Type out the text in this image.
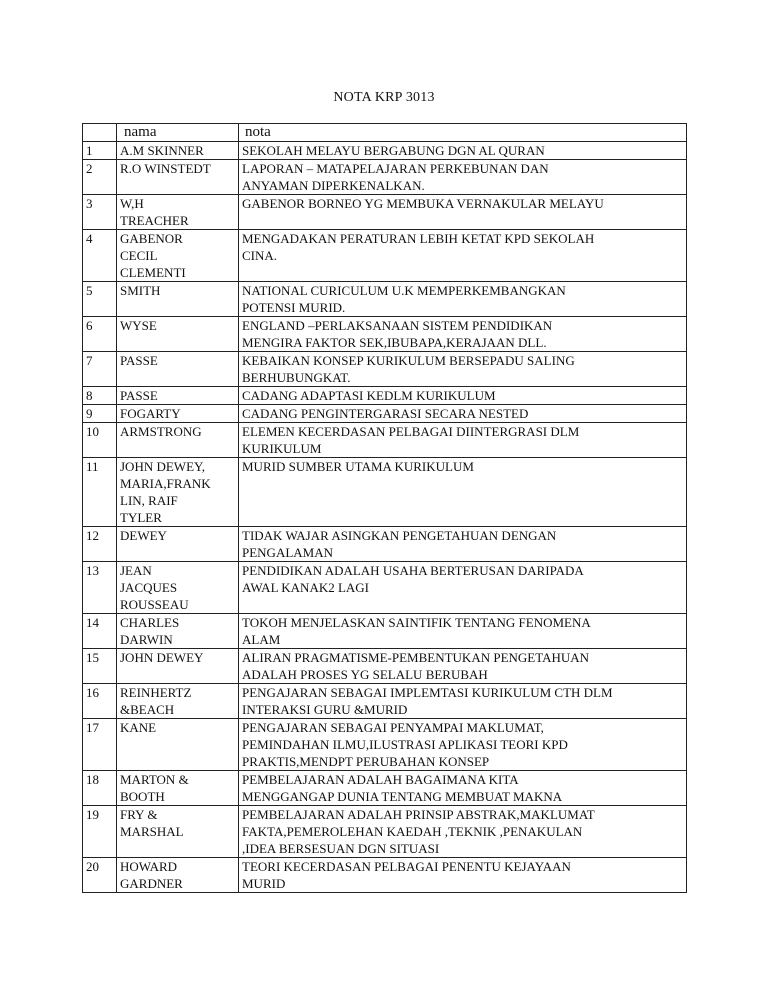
NOTA KRP 3013
	nama	nota
1	A.M SKINNER	SEKOLAH MELAYU BERGABUNG DGN AL QURAN
2	R.O WINSTEDT	LAPORAN – MATAPELAJARAN PERKEBUNAN DAN
ANYAMAN DIPERKENALKAN.
3	W,H
TREACHER	GABENOR BORNEO YG MEMBUKA VERNAKULAR MELAYU
4	GABENOR
CECIL
CLEMENTI	MENGADAKAN PERATURAN LEBIH KETAT KPD SEKOLAH
CINA.
5	SMITH	NATIONAL CURICULUM U.K MEMPERKEMBANGKAN
POTENSI MURID.
6	WYSE	ENGLAND –PERLAKSANAAN SISTEM PENDIDIKAN
MENGIRA FAKTOR SEK,IBUBAPA,KERAJAAN DLL.
7	PASSE	KEBAIKAN KONSEP KURIKULUM BERSEPADU SALING
BERHUBUNGKAT.
8	PASSE	CADANG ADAPTASI KEDLM KURIKULUM
9	FOGARTY	CADANG PENGINTERGARASI SECARA NESTED
10	ARMSTRONG	ELEMEN KECERDASAN PELBAGAI DIINTERGRASI DLM
KURIKULUM
11	JOHN DEWEY,
MARIA,FRANK
LIN, RAIF
TYLER	MURID SUMBER UTAMA KURIKULUM
12	DEWEY	TIDAK WAJAR ASINGKAN PENGETAHUAN DENGAN
PENGALAMAN
13	JEAN
JACQUES
ROUSSEAU	PENDIDIKAN ADALAH USAHA BERTERUSAN DARIPADA
AWAL KANAK2 LAGI
14	CHARLES
DARWIN	TOKOH MENJELASKAN SAINTIFIK TENTANG FENOMENA
ALAM
15	JOHN DEWEY	ALIRAN PRAGMATISME-PEMBENTUKAN PENGETAHUAN
ADALAH PROSES YG SELALU BERUBAH
16	REINHERTZ
&BEACH	PENGAJARAN SEBAGAI IMPLEMTASI KURIKULUM CTH DLM
INTERAKSI GURU &MURID
17	KANE	PENGAJARAN SEBAGAI PENYAMPAI MAKLUMAT,
PEMINDAHAN ILMU,ILUSTRASI APLIKASI TEORI KPD
PRAKTIS,MENDPT PERUBAHAN KONSEP
18	MARTON &
BOOTH	PEMBELAJARAN ADALAH BAGAIMANA KITA
MENGGANGAP DUNIA TENTANG MEMBUAT MAKNA
19	FRY &
MARSHAL	PEMBELAJARAN ADALAH PRINSIP ABSTRAK,MAKLUMAT
FAKTA,PEMEROLEHAN KAEDAH ,TEKNIK ,PENAKULAN
,IDEA BERSESUAN DGN SITUASI
20	HOWARD
GARDNER	TEORI KECERDASAN PELBAGAI PENENTU KEJAYAAN
MURID
